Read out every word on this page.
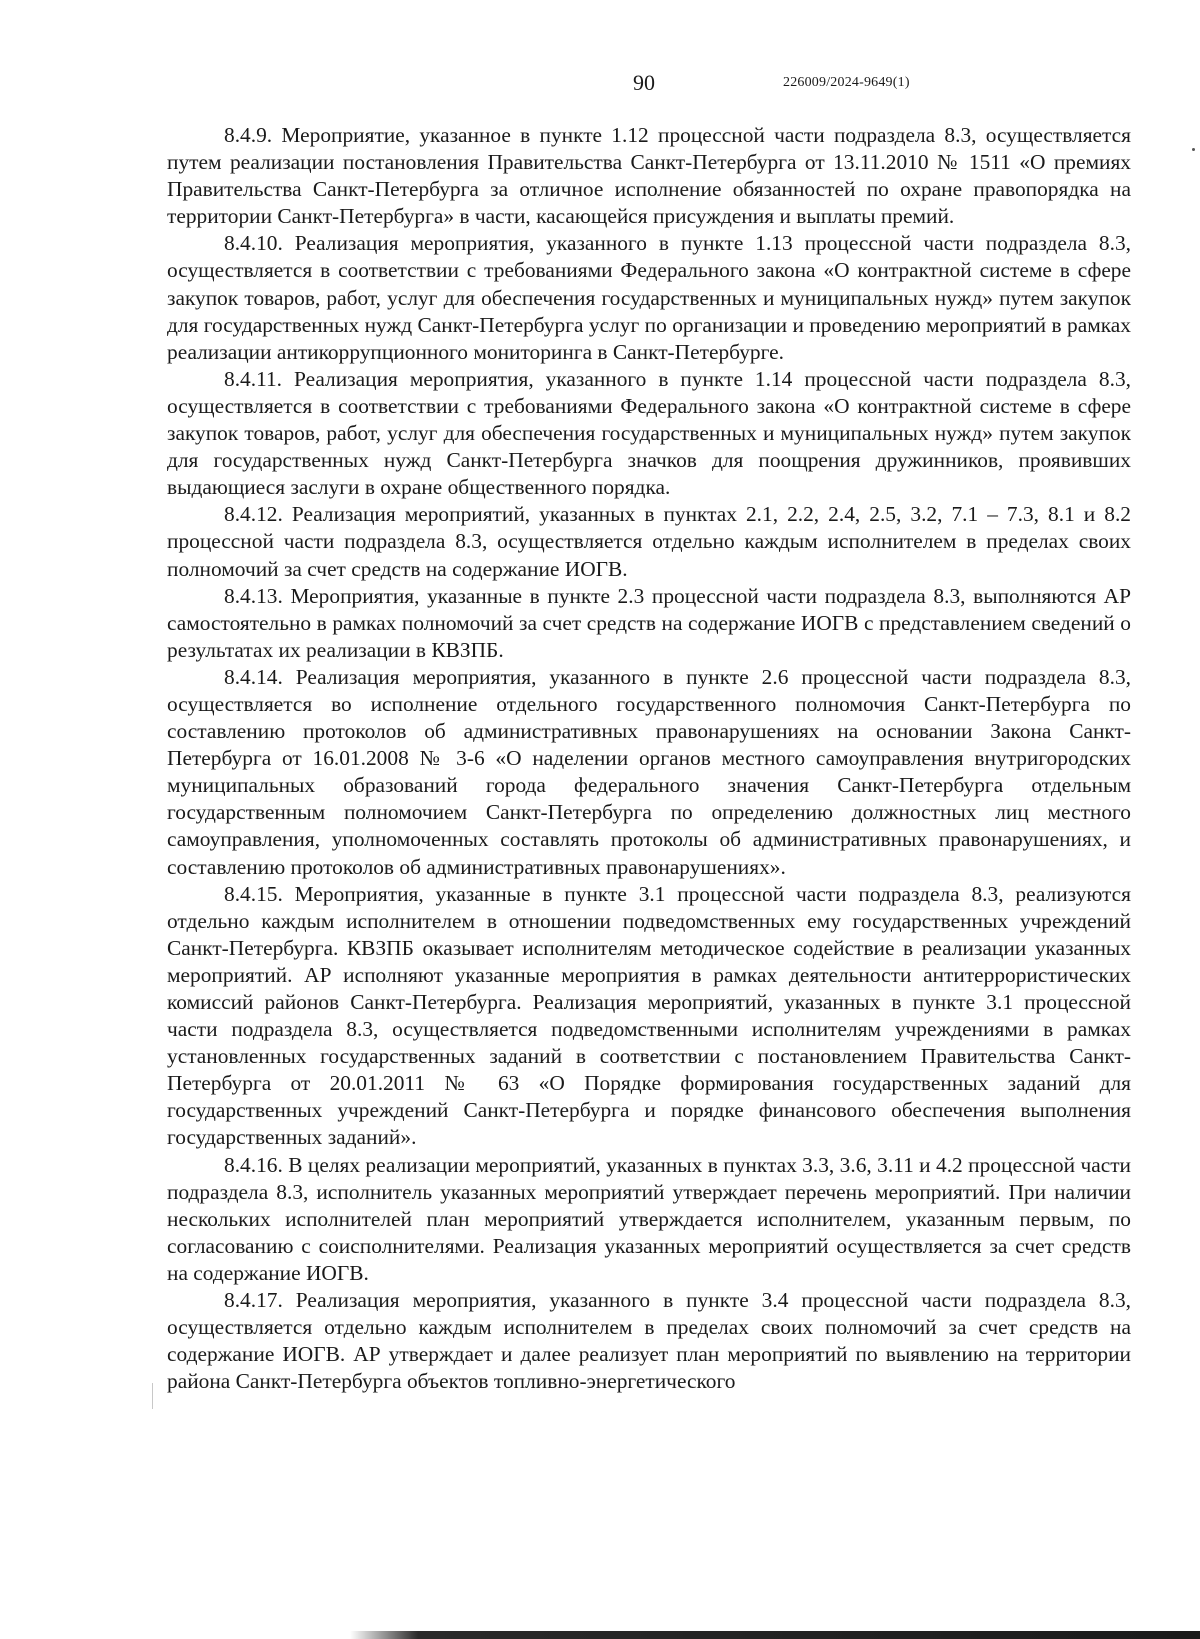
90	226009/2024-9649(1)

8.4.9. Мероприятие, указанное в пункте 1.12 процессной части подраздела 8.3, осуществляется путем реализации постановления Правительства Санкт-Петербурга от 13.11.2010 № 1511 «О премиях Правительства Санкт-Петербурга за отличное исполнение обязанностей по охране правопорядка на территории Санкт-Петербурга» в части, касающейся присуждения и выплаты премий.

8.4.10. Реализация мероприятия, указанного в пункте 1.13 процессной части подраздела 8.3, осуществляется в соответствии с требованиями Федерального закона «О контрактной системе в сфере закупок товаров, работ, услуг для обеспечения государственных и муниципальных нужд» путем закупок для государственных нужд Санкт-Петербурга услуг по организации и проведению мероприятий в рамках реализации антикоррупционного мониторинга в Санкт-Петербурге.

8.4.11. Реализация мероприятия, указанного в пункте 1.14 процессной части подраздела 8.3, осуществляется в соответствии с требованиями Федерального закона «О контрактной системе в сфере закупок товаров, работ, услуг для обеспечения государственных и муниципальных нужд» путем закупок для государственных нужд Санкт-Петербурга значков для поощрения дружинников, проявивших выдающиеся заслуги в охране общественного порядка.

8.4.12. Реализация мероприятий, указанных в пунктах 2.1, 2.2, 2.4, 2.5, 3.2, 7.1 – 7.3, 8.1 и 8.2 процессной части подраздела 8.3, осуществляется отдельно каждым исполнителем в пределах своих полномочий за счет средств на содержание ИОГВ.

8.4.13. Мероприятия, указанные в пункте 2.3 процессной части подраздела 8.3, выполняются АР самостоятельно в рамках полномочий за счет средств на содержание ИОГВ с представлением сведений о результатах их реализации в КВЗПБ.

8.4.14. Реализация мероприятия, указанного в пункте 2.6 процессной части подраздела 8.3, осуществляется во исполнение отдельного государственного полномочия Санкт-Петербурга по составлению протоколов об административных правонарушениях на основании Закона Санкт-Петербурга от 16.01.2008 № 3-6 «О наделении органов местного самоуправления внутригородских муниципальных образований города федерального значения Санкт-Петербурга отдельным государственным полномочием Санкт-Петербурга по определению должностных лиц местного самоуправления, уполномоченных составлять протоколы об административных правонарушениях, и составлению протоколов об административных правонарушениях».

8.4.15. Мероприятия, указанные в пункте 3.1 процессной части подраздела 8.3, реализуются отдельно каждым исполнителем в отношении подведомственных ему государственных учреждений Санкт-Петербурга. КВЗПБ оказывает исполнителям методическое содействие в реализации указанных мероприятий. АР исполняют указанные мероприятия в рамках деятельности антитеррористических комиссий районов Санкт-Петербурга. Реализация мероприятий, указанных в пункте 3.1 процессной части подраздела 8.3, осуществляется подведомственными исполнителям учреждениями в рамках установленных государственных заданий в соответствии с постановлением Правительства Санкт-Петербурга от 20.01.2011 № 63 «О Порядке формирования государственных заданий для государственных учреждений Санкт-Петербурга и порядке финансового обеспечения выполнения государственных заданий».

8.4.16. В целях реализации мероприятий, указанных в пунктах 3.3, 3.6, 3.11 и 4.2 процессной части подраздела 8.3, исполнитель указанных мероприятий утверждает перечень мероприятий. При наличии нескольких исполнителей план мероприятий утверждается исполнителем, указанным первым, по согласованию с соисполнителями. Реализация указанных мероприятий осуществляется за счет средств на содержание ИОГВ.

8.4.17. Реализация мероприятия, указанного в пункте 3.4 процессной части подраздела 8.3, осуществляется отдельно каждым исполнителем в пределах своих полномочий за счет средств на содержание ИОГВ. АР утверждает и далее реализует план мероприятий по выявлению на территории района Санкт-Петербурга объектов топливно-энергетического
